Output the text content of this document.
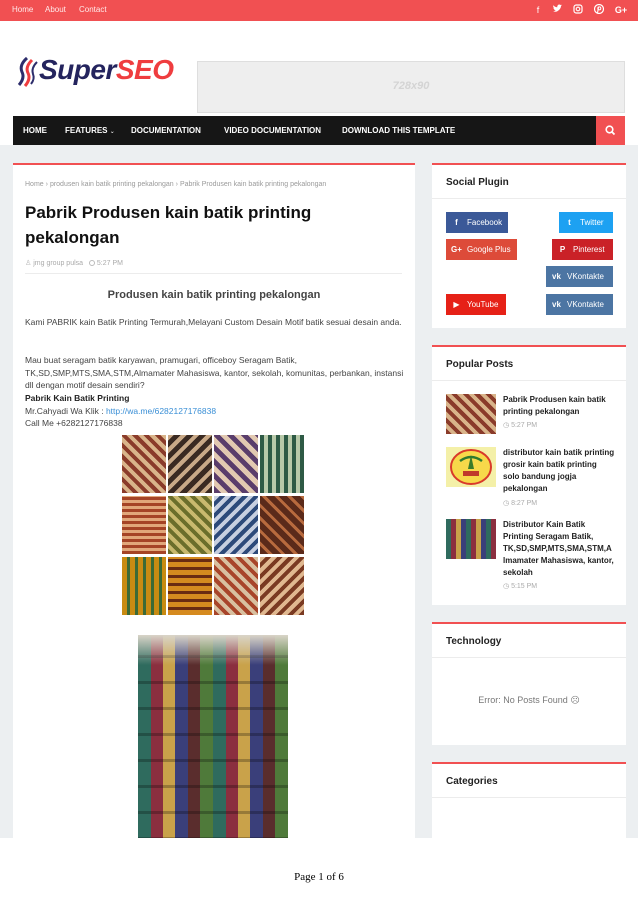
Home About Contact	f	G+
SuperSEO
728x90
HOME FEATURES ⌄ DOCUMENTATION	VIDEO DOCUMENTATION	DOWNLOAD THIS TEMPLATE
Home › produsen kain batik printing pekalongan › Pabrik Produsen kain batik printing pekalongan
Pabrik Produsen kain batik printing pekalongan
♙ jmg group pulsa 5:27 PM
Produsen kain batik printing pekalongan
Kami PABRIK kain Batik Printing Termurah,Melayani Custom Desain Motif batik sesuai desain anda.
Mau buat seragam batik karyawan, pramugari, officeboy Seragam Batik, TK,SD,SMP,MTS,SMA,STM,Almamater Mahasiswa, kantor, sekolah, komunitas, perbankan, instansi dll dengan motif desain sendiri?
Pabrik Kain Batik Printing
Mr.Cahyadi Wa Klik : http://wa.me/6282127176838
Call Me +6282127176838
Social Plugin
f Facebook	t Twitter
G+ Google Plus	P Pinterest
vk VKontakte
▶ YouTube	vk VKontakte
Popular Posts
Pabrik Produsen kain batik printing pekalongan
◷ 5:27 PM
distributor kain batik printing grosir kain batik printing solo bandung jogja pekalongan
◷ 8:27 PM
Distributor Kain Batik Printing Seragam Batik, TK,SD,SMP,MTS,SMA,STM,A lmamater Mahasiswa, kantor, sekolah
◷ 5:15 PM
Technology
Error: No Posts Found ☹
Categories
Page 1 of 6
